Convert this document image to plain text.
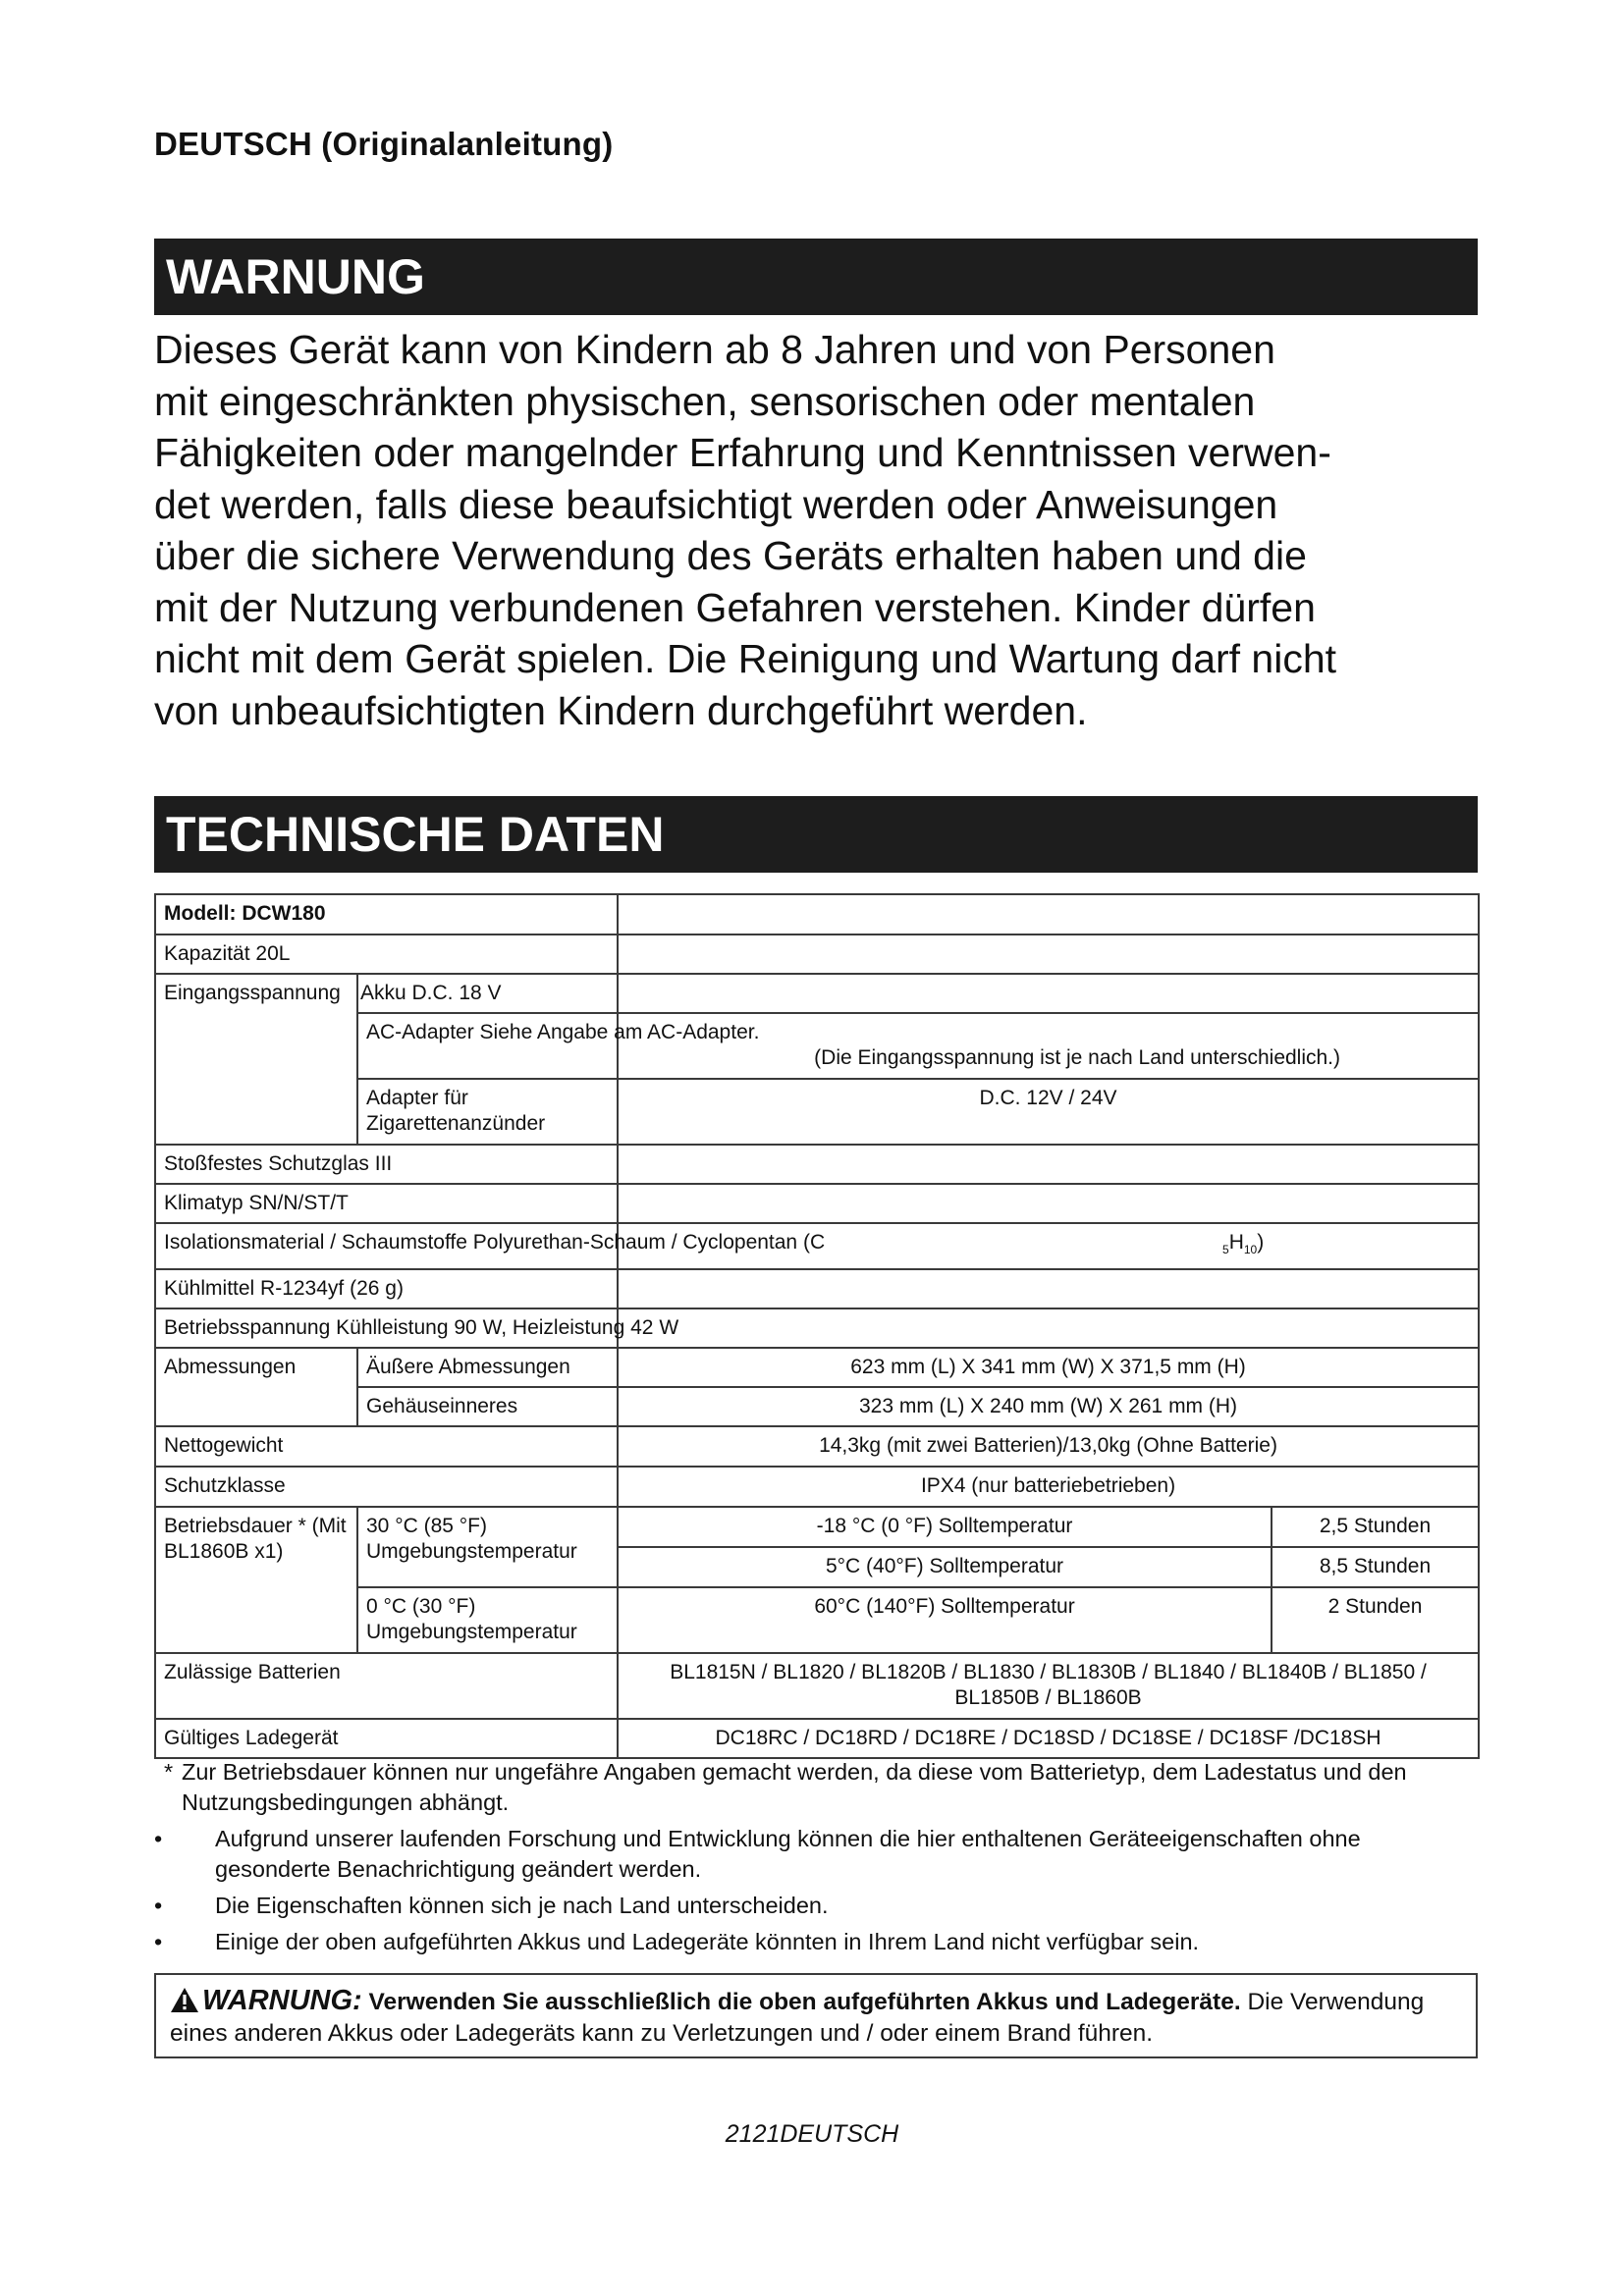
DEUTSCH (Originalanleitung)
WARNUNG
Dieses Gerät kann von Kindern ab 8 Jahren und von Personen
mit eingeschränkten physischen, sensorischen oder mentalen
Fähigkeiten oder mangelnder Erfahrung und Kenntnissen verwen-
det werden, falls diese beaufsichtigt werden oder Anweisungen
über die sichere Verwendung des Geräts erhalten haben und die
mit der Nutzung verbundenen Gefahren verstehen. Kinder dürfen
nicht mit dem Gerät spielen. Die Reinigung und Wartung darf nicht
von unbeaufsichtigten Kindern durchgeführt werden.
TECHNISCHE DATEN
Modell: DCW180			
Kapazität 20L			
Eingangsspannung	Akku D.C. 18 V		
	AC-Adapter Siehe Angabe am AC-Adapter.	(Die Eingangsspannung ist je nach Land unterschiedlich.)	

	Adapter für Zigarettenanzünder	D.C. 12V / 24V	
Stoßfestes Schutzglas III			
Klimatyp SN/N/ST/T			
Isolationsmaterial / Schaumstoffe Polyurethan-Schaum / Cyclopentan (C		$_5H_{10}$)	
Kühlmittel R-1234yf (26 g)			
Betriebsspannung Kühlleistung 90 W, Heizleistung 42 W			
Abmessungen	Äußere Abmessungen	623 mm (L) X 341 mm (W) X 371,5 mm (H)	
	Gehäuseinneres	323 mm (L) X 240 mm (W) X 261 mm (H)	
Nettogewicht		14,3kg (mit zwei Batterien)/13,0kg (Ohne Batterie)	
Schutzklasse		IPX4 (nur batteriebetrieben)	
Betriebsdauer * (Mit BL1860B x1)	30 °C (85 °F) Umgebungstemperatur	-18 °C (0 °F) Solltemperatur	2,5 Stunden
		5°C (40°F) Solltemperatur	8,5 Stunden
	0 °C (30 °F) Umgebungstemperatur	60°C (140°F) Solltemperatur	2 Stunden
Zulässige Batterien		BL1815N / BL1820 / BL1820B / BL1830 / BL1830B / BL1840 / BL1840B / BL1850 / BL1850B / BL1860B	
Gültiges Ladegerät		DC18RC / DC18RD / DC18RE / DC18SD / DC18SE / DC18SF /DC18SH	
* Zur Betriebsdauer können nur ungefähre Angaben gemacht werden, da diese vom Batterietyp, dem Ladestatus und den Nutzungsbedingungen abhängt.
•	Aufgrund unserer laufenden Forschung und Entwicklung können die hier enthaltenen Geräteeigenschaften ohne gesonderte Benachrichtigung geändert werden.
•	Die Eigenschaften können sich je nach Land unterscheiden.
•	Einige der oben aufgeführten Akkus und Ladegeräte könnten in Ihrem Land nicht verfügbar sein.
WARNUNG: Verwenden Sie ausschließlich die oben aufgeführten Akkus und Ladegeräte. Die Verwendung eines anderen Akkus oder Ladegeräts kann zu Verletzungen und / oder einem Brand führen.
2121DEUTSCH
